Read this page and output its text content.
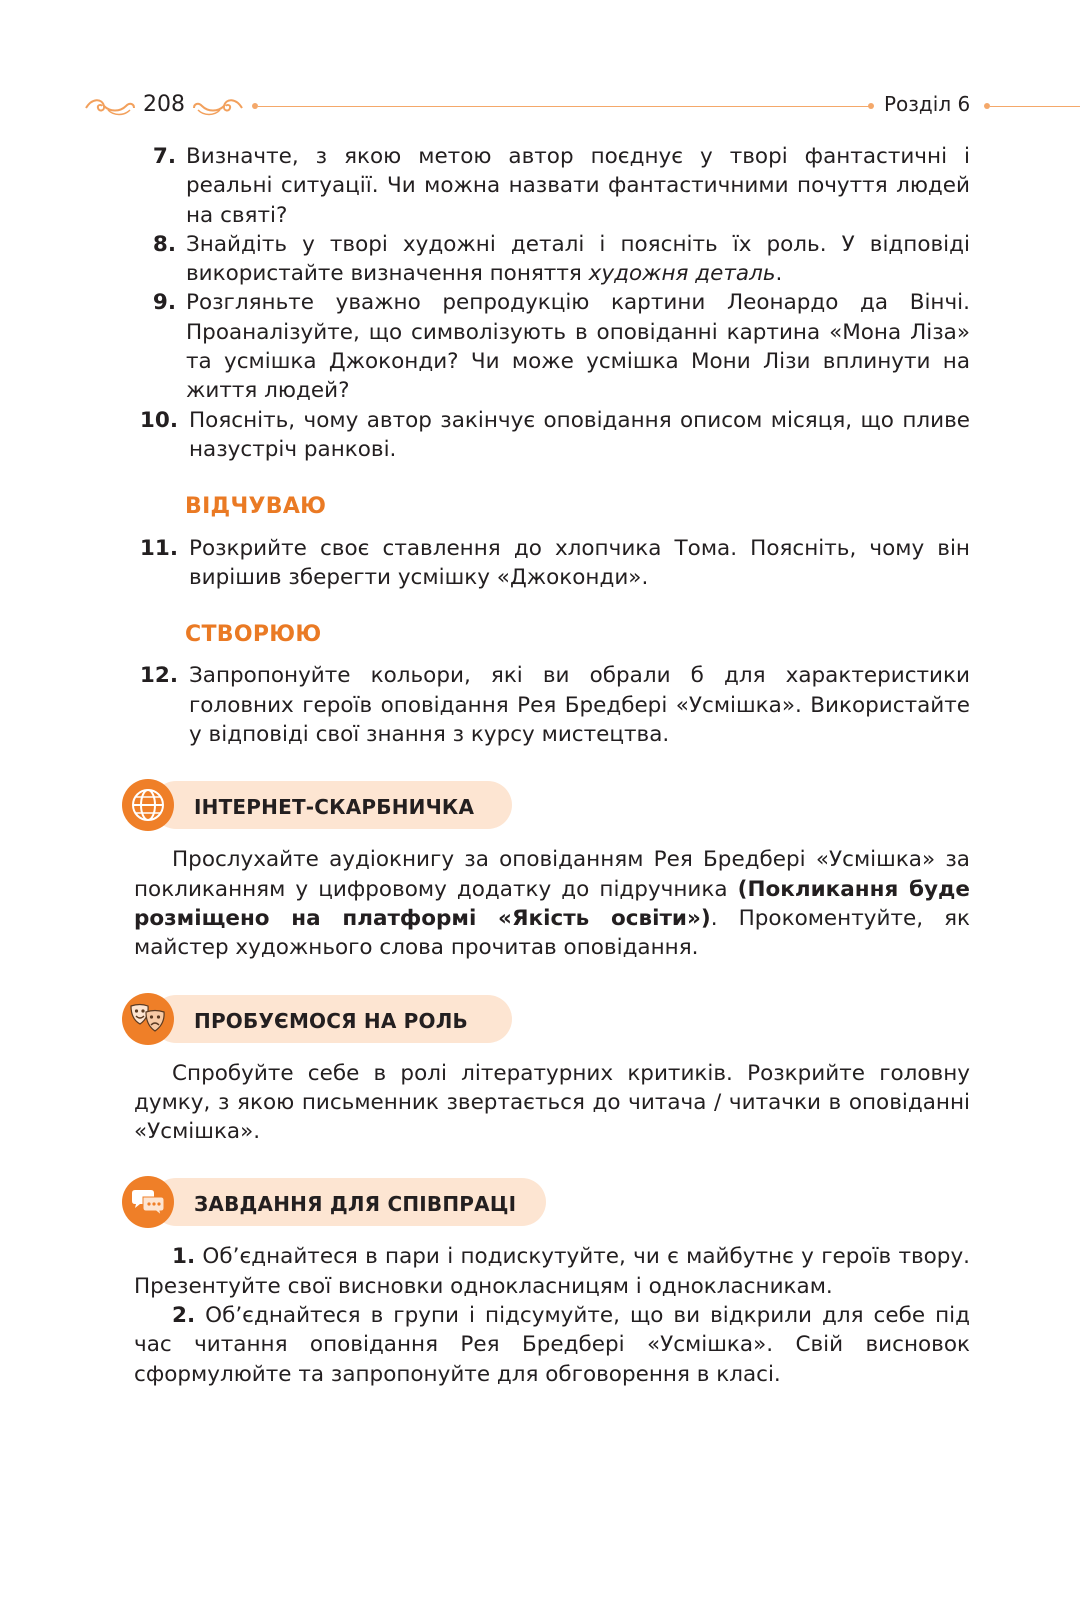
208	Розділ 6
7. Визначте, з якою метою автор поєднує у творі фантастичні і реальні ситуації. Чи можна назвати фантастичними почуття людей на святі?
8. Знайдіть у творі художні деталі і поясніть їх роль. У відповіді використайте визначення поняття художня деталь.
9. Розгляньте уважно репродукцію картини Леонардо да Вінчі. Проаналізуйте, що символізують в оповіданні картина «Мона Ліза» та усмішка Джоконди? Чи може усмішка Мони Лізи вплинути на життя людей?
10. Поясніть, чому автор закінчує оповідання описом місяця, що пливе назустріч ранкові.
ВІДЧУВАЮ
11. Розкрийте своє ставлення до хлопчика Тома. Поясніть, чому він вирішив зберегти усмішку «Джоконди».
СТВОРЮЮ
12. Запропонуйте кольори, які ви обрали б для характеристики головних героїв оповідання Рея Бредбері «Усмішка». Використайте у відповіді свої знання з курсу мистецтва.
ІНТЕРНЕТ-СКАРБНИЧКА
Прослухайте аудіокнигу за оповіданням Рея Бредбері «Усмішка» за покликанням у цифровому додатку до підручника (Покликання буде розміщено на платформі «Якість освіти»). Прокоментуйте, як майстер художнього слова прочитав оповідання.
ПРОБУЄМОСЯ НА РОЛЬ
Спробуйте себе в ролі літературних критиків. Розкрийте головну думку, з якою письменник звертається до читача / читачки в оповіданні «Усмішка».
ЗАВДАННЯ ДЛЯ СПІВПРАЦІ
1. Об’єднайтеся в пари і подискутуйте, чи є майбутнє у героїв твору. Презентуйте свої висновки однокласницям і однокласникам.
2. Об’єднайтеся в групи і підсумуйте, що ви відкрили для себе під час читання оповідання Рея Бредбері «Усмішка». Свій висновок сформулюйте та запропонуйте для обговорення в класі.
